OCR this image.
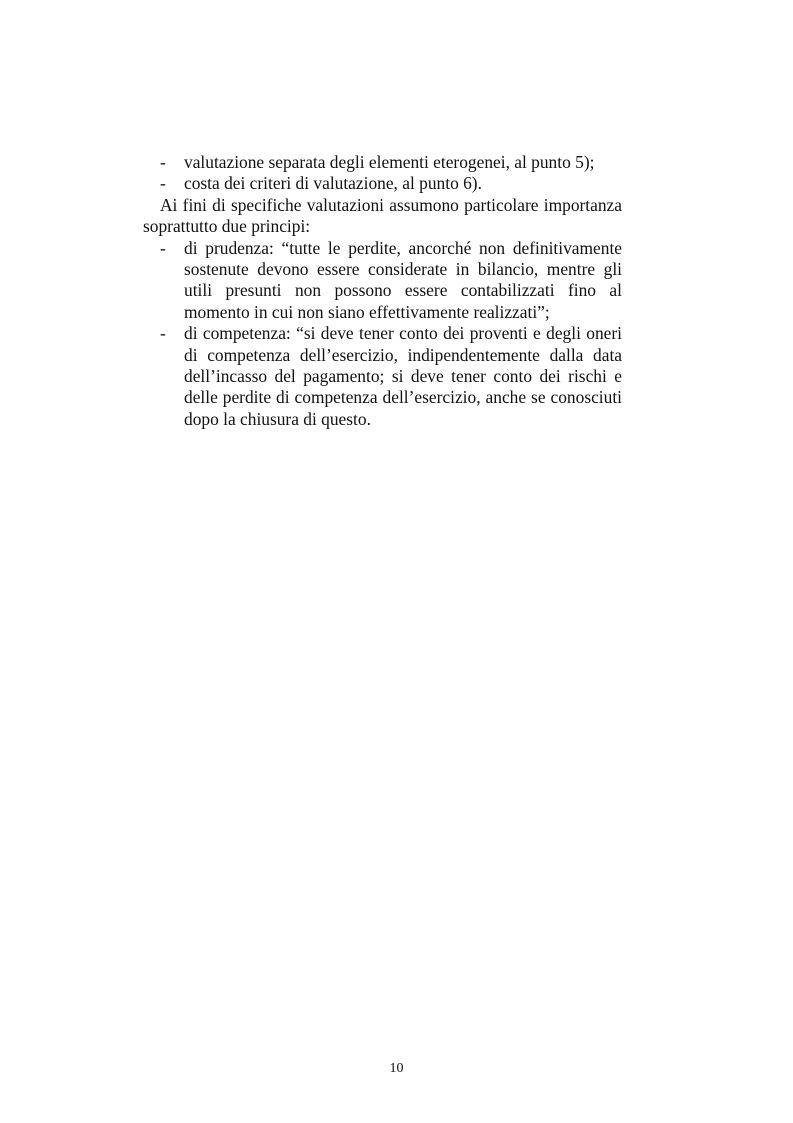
- valutazione separata degli elementi eterogenei, al punto 5);
- costa dei criteri di valutazione, al punto 6).

Ai fini di specifiche valutazioni assumono particolare importanza soprattutto due principi:

- di prudenza: “tutte le perdite, ancorché non definitivamente sostenute devono essere considerate in bilancio, mentre gli utili presunti non possono essere contabilizzati fino al momento in cui non siano effettivamente realizzati”;
- di competenza: “si deve tener conto dei proventi e degli oneri di competenza dell’esercizio, indipendentemente dalla data dell’incasso del pagamento; si deve tener conto dei rischi e delle perdite di competenza dell’esercizio, anche se conosciuti dopo la chiusura di questo.
10
